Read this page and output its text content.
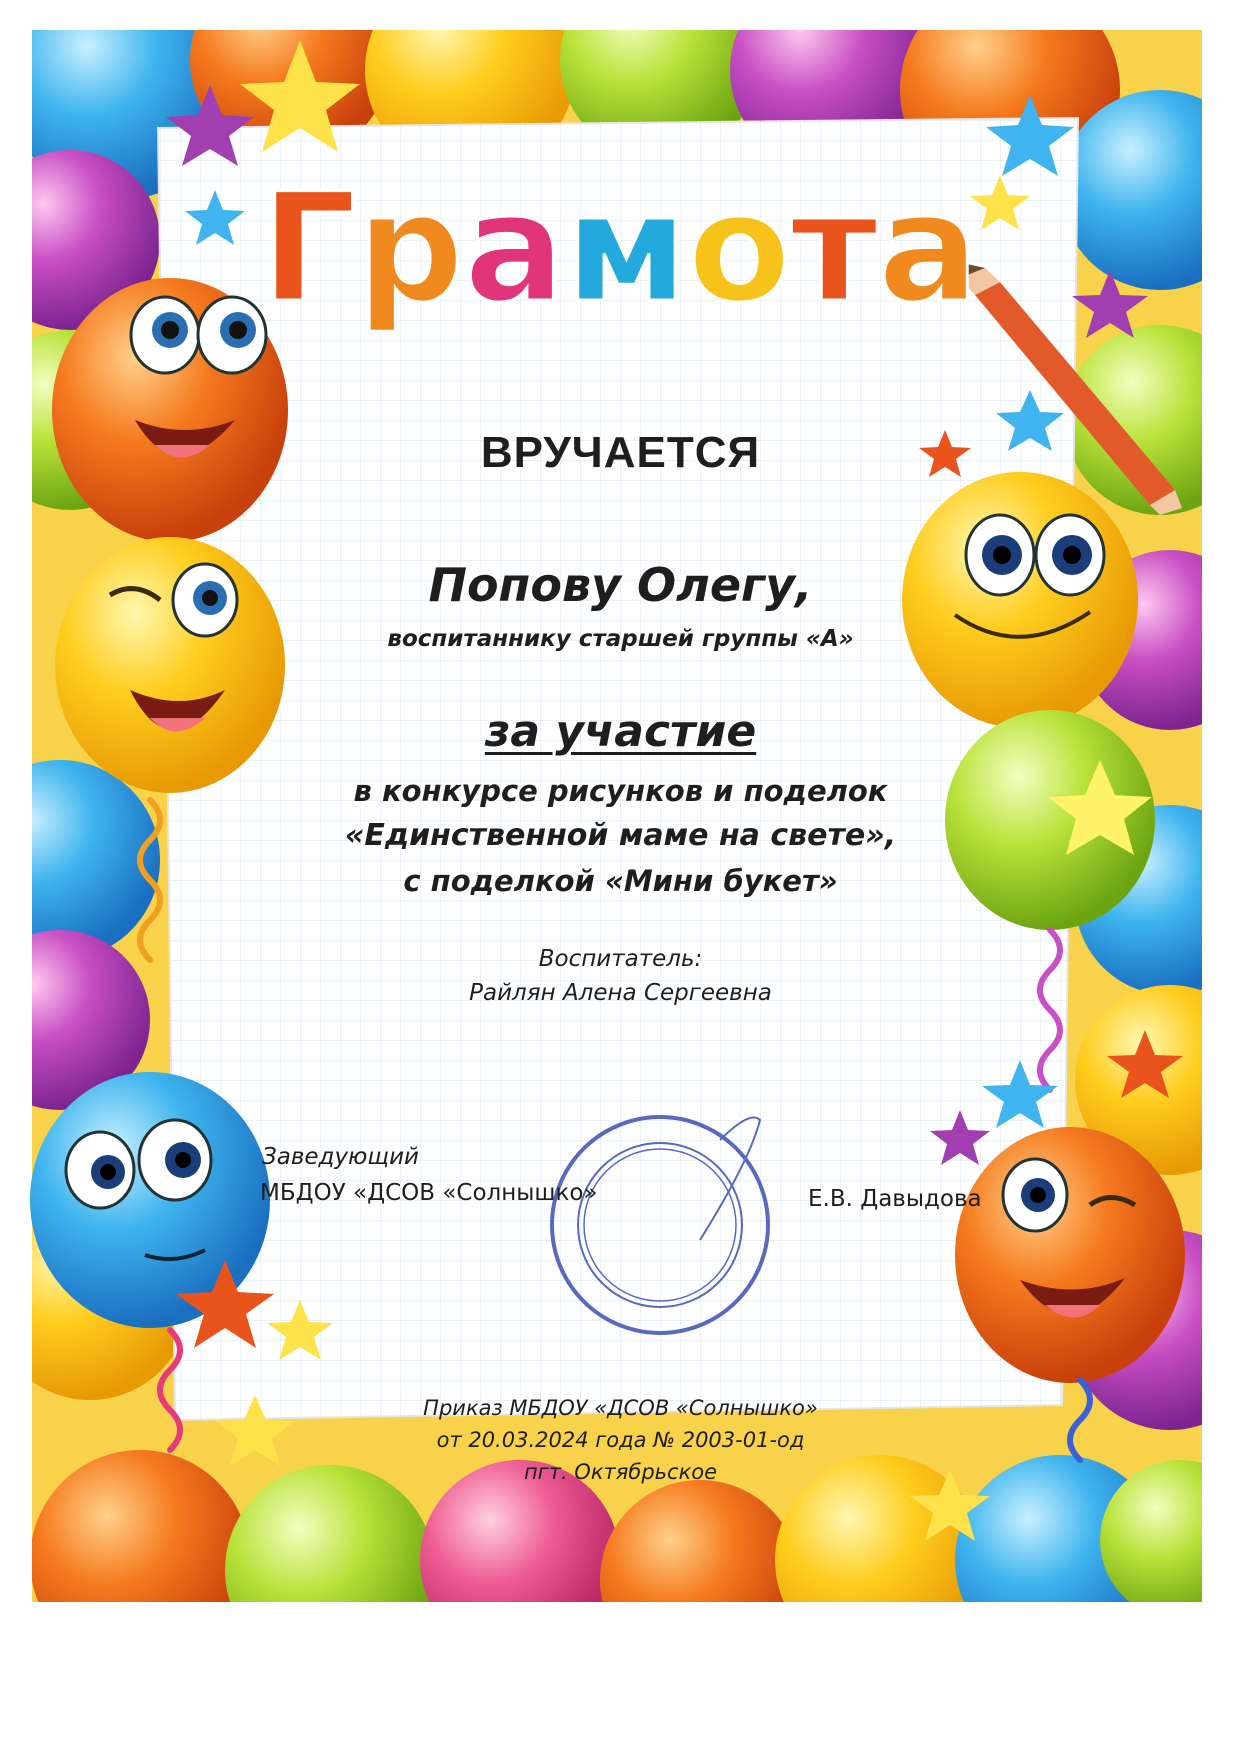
Грамота
ВРУЧАЕТСЯ
Попову Олегу,
воспитаннику старшей группы «А»
за участие
в конкурсе рисунков и поделок
«Единственной маме на свете»,
с поделкой «Мини букет»
Воспитатель:
Райлян Алена Сергеевна
Заведующий
МБДОУ «ДСОВ «Солнышко»	Е.В. Давыдова
Приказ МБДОУ «ДСОВ «Солнышко»
от 20.03.2024 года № 2003-01-од
пгт. Октябрьское
